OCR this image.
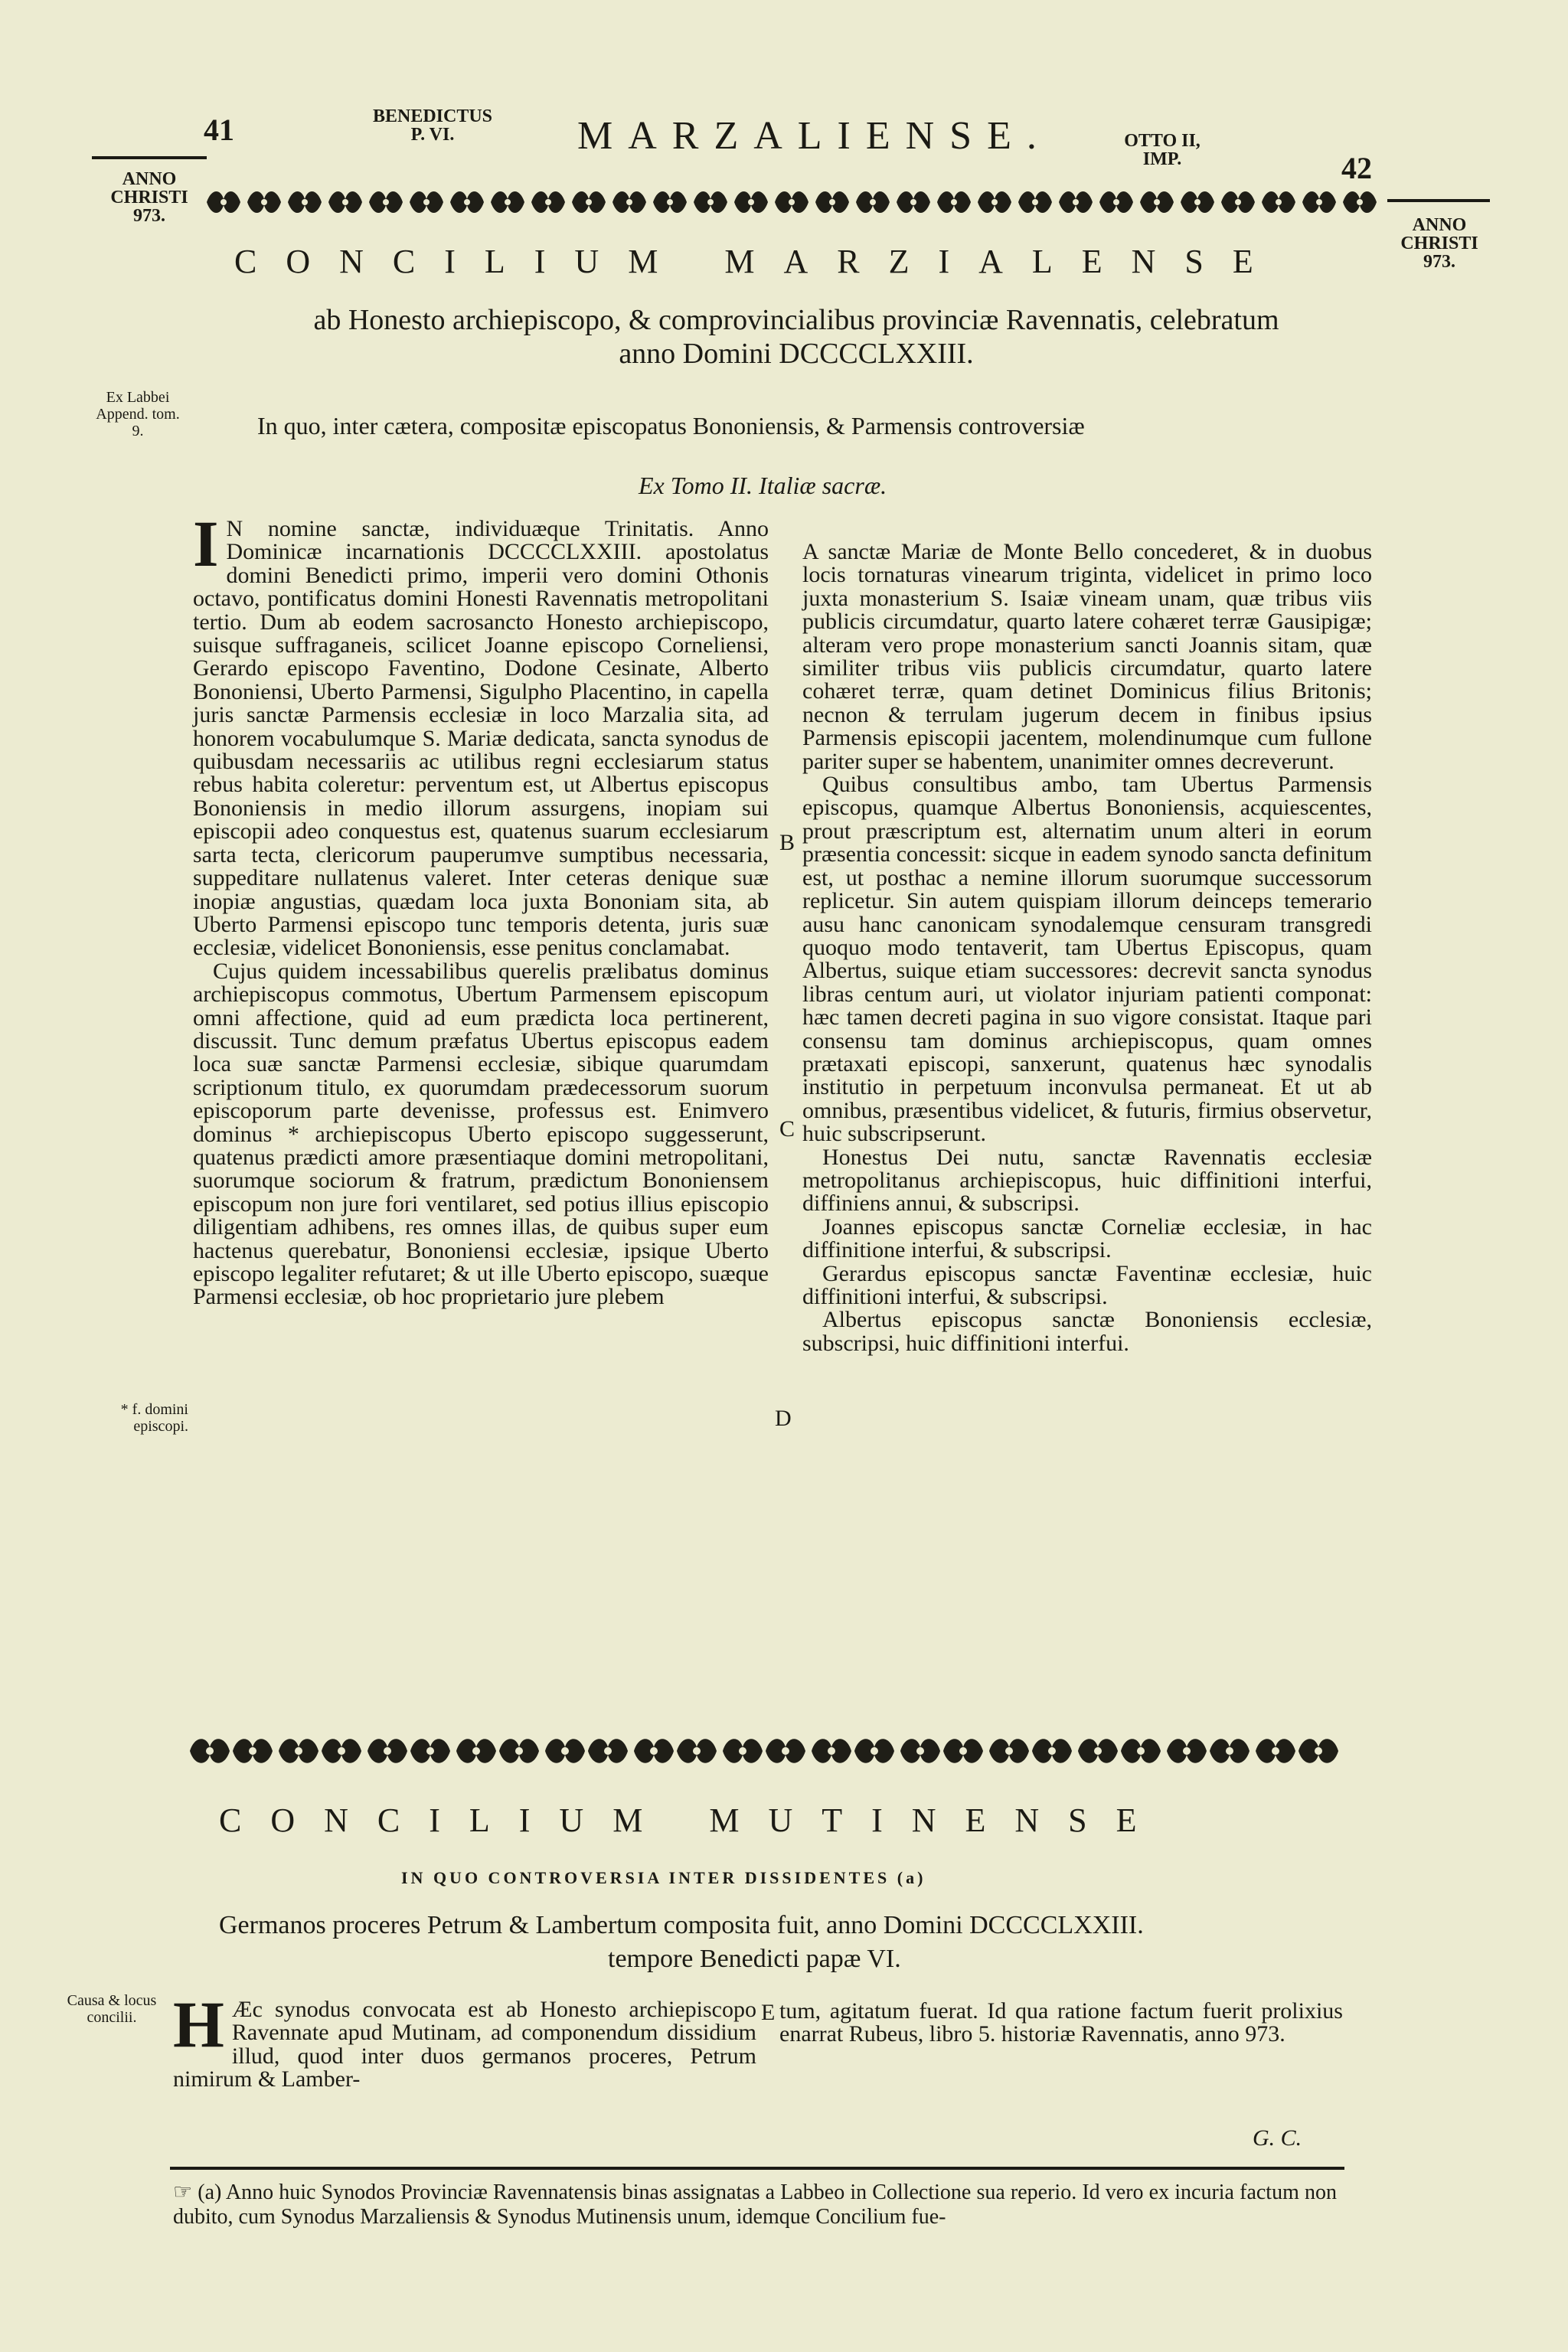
41	BENEDICTUS
P. VI.	MARZALIENSE.	OTTO II,
IMP.	42
ANNO
CHRISTI
973.	ANNO
CHRISTI
973.
CONCILIUM MARZIALENSE
ab Honesto archiepiscopo, & comprovincialibus provinciæ Ravennatis, celebratum anno Domini DCCCCLXXIII.
Ex Labbei Append. tom. 9.	In quo, inter cætera, compositæ episcopatus Bononiensis, & Parmensis controversiæ
Ex Tomo II. Italiæ sacræ.
I N nomine sanctæ, individuæque Trinitatis. Anno Dominicæ incarnationis DCCCCLXXIII. apostolatus domini Benedicti primo, imperii vero domini Othonis octavo, pontificatus domini Honesti Ravennatis metropolitani tertio. Dum ab eodem sacrosancto Honesto archiepiscopo, suisque suffraganeis, scilicet Joanne episcopo Corneliensi, Gerardo episcopo Faventino, Dodone Cesinate, Alberto Bononiensi, Uberto Parmensi, Sigulpho Placentino, in capella juris sanctæ Parmensis ecclesiæ in loco Marzalia sita, ad honorem vocabulumque S. Mariæ dedicata, sancta synodus de quibusdam necessariis ac utilibus regni ecclesiarum status rebus habita coleretur: perventum est, ut Albertus episcopus Bononiensis in medio illorum assurgens, inopiam sui episcopii adeo conquestus est, quatenus suarum ecclesiarum sarta tecta, clericorum pauperumve sumptibus necessaria, suppeditare nullatenus valeret. Inter ceteras denique suæ inopiæ angustias, quædam loca juxta Bononiam sita, ab Uberto Parmensi episcopo tunc temporis detenta, juris suæ ecclesiæ, videlicet Bononiensis, esse penitus conclamabat.

Cujus quidem incessabilibus querelis prælibatus dominus archiepiscopus commotus, Ubertum Parmensem episcopum omni affectione, quid ad eum prædicta loca pertinerent, discussit. Tunc demum præfatus Ubertus episcopus eadem loca suæ sanctæ Parmensi ecclesiæ, sibique quarumdam scriptionum titulo, ex quorumdam prædecessorum suorum episcoporum parte devenisse, professus est. Enimvero dominus * archiepiscopus Uberto episcopo suggesserunt, quatenus prædicti amore præsentiaque domini metropolitani, suorumque sociorum & fratrum, prædictum Bononiensem episcopum non jure fori ventilaret, sed potius illius episcopio diligentiam adhibens, res omnes illas, de quibus super eum hactenus querebatur, Bononiensi ecclesiæ, ipsique Uberto episcopo legaliter refutaret; & ut ille Uberto episcopo, suæque Parmensi ecclesiæ, ob hoc proprietario jure plebem

A sanctæ Mariæ de Monte Bello concederet, & in duobus locis tornaturas vinearum triginta, videlicet in primo loco juxta monasterium S. Isaiæ vineam unam, quæ tribus viis publicis circumdatur, quarto latere cohæret terræ Gausipigæ; alteram vero prope monasterium sancti Joannis sitam, quæ similiter tribus viis publicis circumdatur, quarto latere cohæret terræ, quam detinet Dominicus filius Britonis; necnon & terrulam jugerum decem in finibus ipsius Parmensis episcopii jacentem, molendinumque cum fullone pariter super se habentem, unanimiter omnes decreverunt.

Quibus consultibus ambo, tam Ubertus Parmensis episcopus, quamque Albertus Bononiensis, acquiescentes, prout præscriptum est, alternatim unum alteri in eorum præsentia concessit: sicque in eadem synodo sancta definitum est, ut posthac a nemine illorum suorumque successorum replicetur. Sin autem quispiam illorum deinceps temerario ausu hanc canonicam synodalemque censuram transgredi quoquo modo tentaverit, tam Ubertus Episcopus, quam Albertus, suique etiam successores: decrevit sancta synodus libras centum auri, ut violator injuriam patienti componat: hæc tamen decreti pagina in suo vigore consistat. Itaque pari consensu tam dominus archiepiscopus, quam omnes prætaxati episcopi, sanxerunt, quatenus hæc synodalis institutio in perpetuum inconvulsa permaneat. Et ut ab omnibus, præsentibus videlicet, & futuris, firmius observetur, huic subscripserunt.

Honestus Dei nutu, sanctæ Ravennatis ecclesiæ metropolitanus archiepiscopus, huic diffinitioni interfui, diffiniens annui, & subscripsi.

Joannes episcopus sanctæ Corneliæ ecclesiæ, in hac diffinitione interfui, & subscripsi.

Gerardus episcopus sanctæ Faventinæ ecclesiæ, huic diffinitioni interfui, & subscripsi.

Albertus episcopus sanctæ Bononiensis ecclesiæ, subscripsi, huic diffinitioni interfui.

B
C
D
* f. domini episcopi.
CONCILIUM MUTINENSE
IN QUO CONTROVERSIA INTER DISSIDENTES (a)
Germanos proceres Petrum & Lambertum composita fuit, anno Domini DCCCCLXXIII.
tempore Benedicti papæ VI.
Causa & locus concilii. H Æc synodus convocata est ab Honesto archiepiscopo Ravennate apud Mutinam, ad componendum dissidium illud, quod inter duos germanos proceres, Petrum nimirum & Lamber-

E tum, agitatum fuerat. Id qua ratione factum fuerit prolixius enarrat Rubeus, libro 5. historiæ Ravennatis, anno 973.

G. C.
☞ (a) Anno huic Synodos Provinciæ Ravennatensis binas assignatas a Labbeo in Collectione sua reperio. Id vero ex incuria factum non dubito, cum Synodus Marzaliensis & Synodus Mutinensis unum, idemque Concilium fue-
